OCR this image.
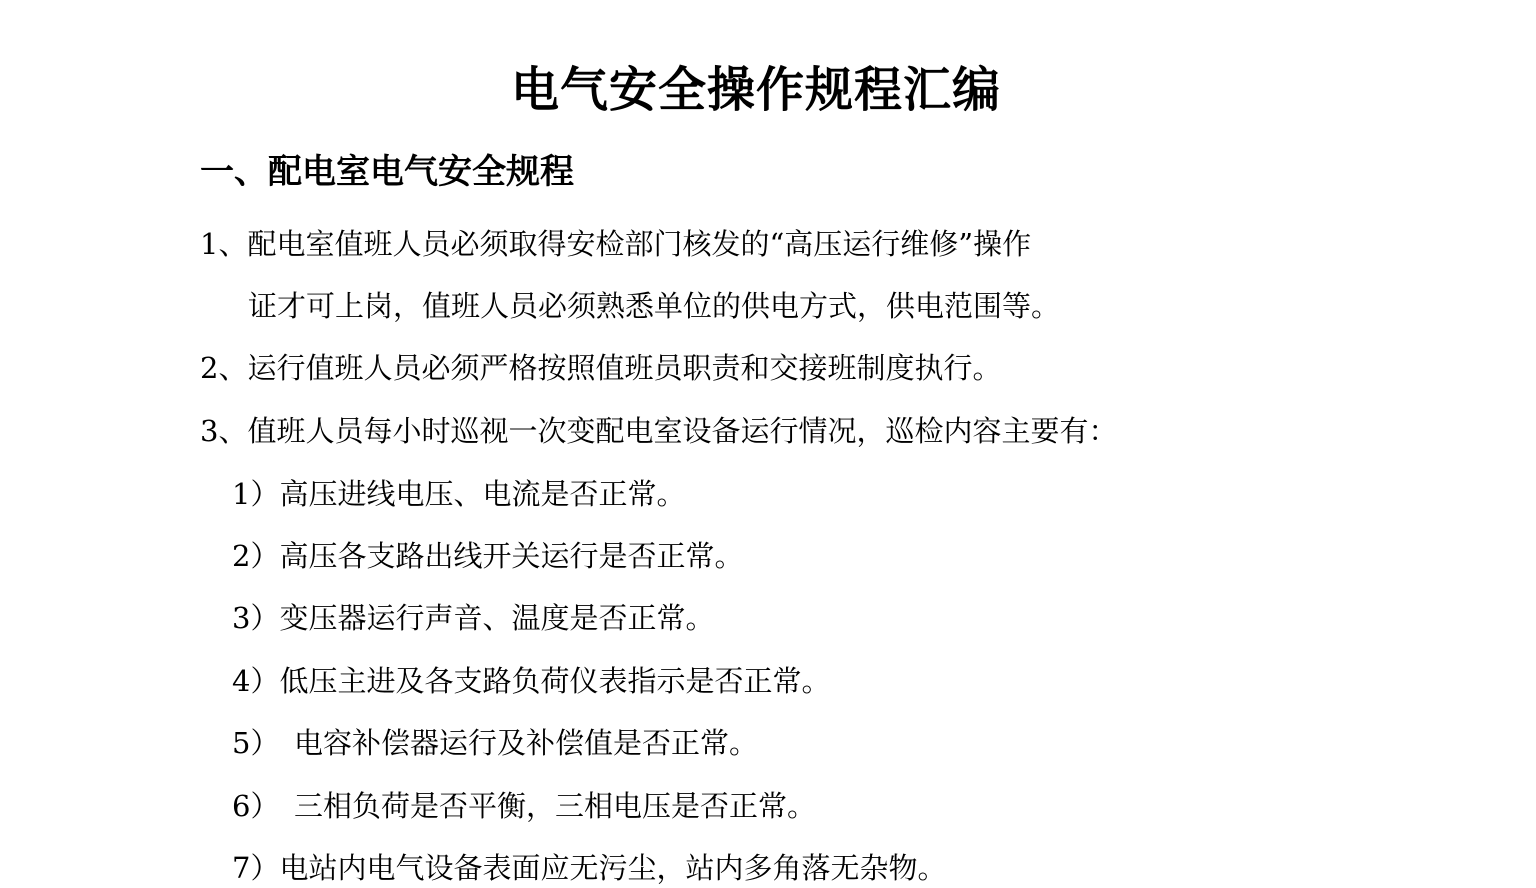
电气安全操作规程汇编
一、配电室电气安全规程
1、配电室值班人员必须取得安检部门核发的“高压运行维修”操作
证才可上岗，值班人员必须熟悉单位的供电方式，供电范围等。
2、运行值班人员必须严格按照值班员职责和交接班制度执行。
3、值班人员每小时巡视一次变配电室设备运行情况，巡检内容主要有：
1）高压进线电压、电流是否正常。
2）高压各支路出线开关运行是否正常。
3）变压器运行声音、温度是否正常。
4）低压主进及各支路负荷仪表指示是否正常。
5）　电容补偿器运行及补偿值是否正常。
6）　三相负荷是否平衡，三相电压是否正常。
7）电站内电气设备表面应无污尘，站内多角落无杂物。
